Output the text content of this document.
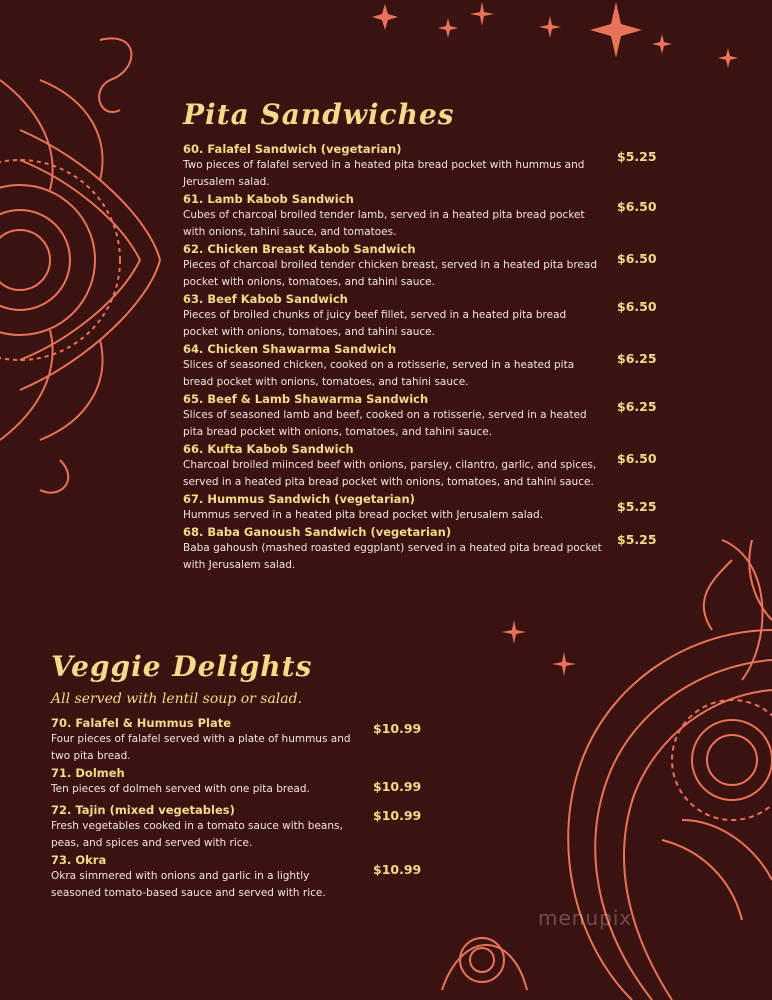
Pita Sandwiches
60. Falafel Sandwich (vegetarian)
Two pieces of falafel served in a heated pita bread pocket with hummus and Jerusalem salad.
$5.25
61. Lamb Kabob Sandwich
Cubes of charcoal broiled tender lamb, served in a heated pita bread pocket with onions, tahini sauce, and tomatoes.
$6.50
62. Chicken Breast Kabob Sandwich
Pieces of charcoal broiled tender chicken breast, served in a heated pita bread pocket with onions, tomatoes, and tahini sauce.
$6.50
63. Beef Kabob Sandwich
Pieces of broiled chunks of juicy beef fillet, served in a heated pita bread pocket with onions, tomatoes, and tahini sauce.
$6.50
64. Chicken Shawarma Sandwich
Slices of seasoned chicken, cooked on a rotisserie, served in a heated pita bread pocket with onions, tomatoes, and tahini sauce.
$6.25
65. Beef & Lamb Shawarma Sandwich
Slices of seasoned lamb and beef, cooked on a rotisserie, served in a heated pita bread pocket with onions, tomatoes, and tahini sauce.
$6.25
66. Kufta Kabob Sandwich
Charcoal broiled miinced beef with onions, parsley, cilantro, garlic, and spices, served in a heated pita bread pocket with onions, tomatoes, and tahini sauce.
$6.50
67. Hummus Sandwich (vegetarian)
Hummus served in a heated pita bread pocket with Jerusalem salad.
$5.25
68. Baba Ganoush Sandwich (vegetarian)
Baba gahoush (mashed roasted eggplant) served in a heated pita bread pocket with Jerusalem salad.
$5.25
Veggie Delights
All served with lentil soup or salad.
70. Falafel & Hummus Plate
Four pieces of falafel served with a plate of hummus and two pita bread.
$10.99
71. Dolmeh
Ten pieces of dolmeh served with one pita bread.	$10.99
72. Tajin (mixed vegetables)
Fresh vegetables cooked in a tomato sauce with beans, peas, and spices and served with rice.
$10.99
73. Okra
Okra simmered with onions and garlic in a lightly seasoned tomato-based sauce and served with rice.
$10.99
menupix
